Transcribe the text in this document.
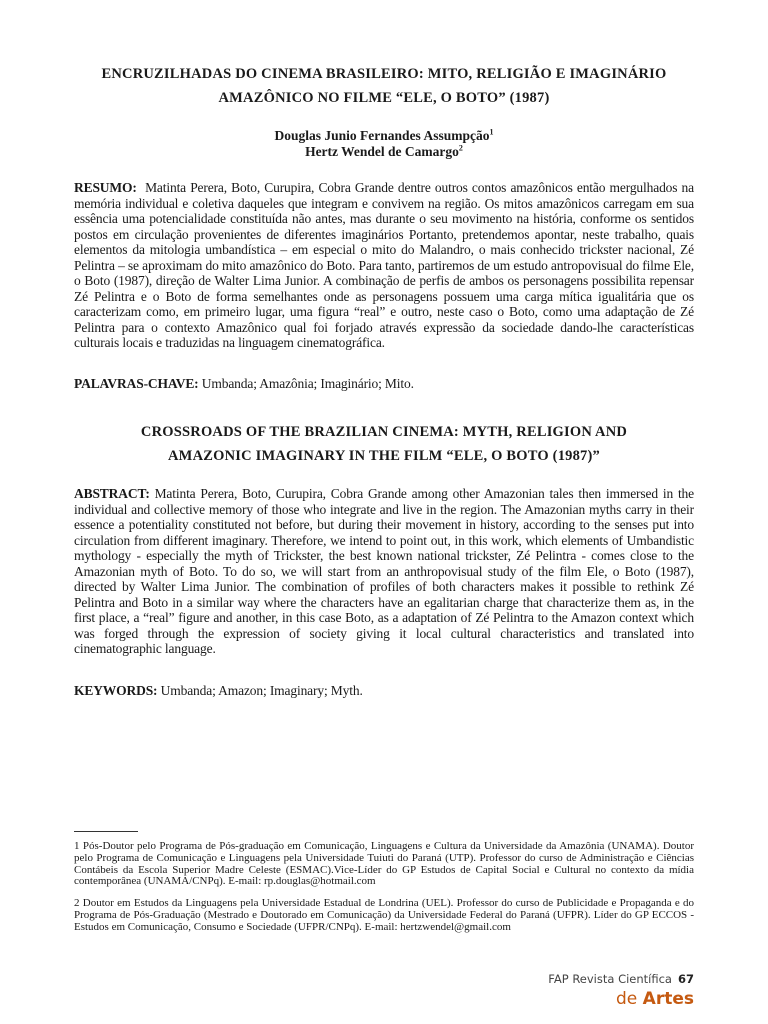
ENCRUZILHADAS DO CINEMA BRASILEIRO: MITO, RELIGIÃO E IMAGINÁRIO
AMAZÔNICO NO FILME “ELE, O BOTO” (1987)
Douglas Junio Fernandes Assumpção$^1$
Hertz Wendel de Camargo$^2$
RESUMO: Matinta Perera, Boto, Curupira, Cobra Grande dentre outros contos amazônicos então mergulhados na memória individual e coletiva daqueles que integram e convivem na região. Os mitos amazônicos carregam em sua essência uma potencialidade constituída não antes, mas durante o seu movimento na história, conforme os sentidos postos em circulação provenientes de diferentes imaginários Portanto, pretendemos apontar, neste trabalho, quais elementos da mitologia umbandística – em especial o mito do Malandro, o mais conhecido trickster nacional, Zé Pelintra – se aproximam do mito amazônico do Boto. Para tanto, partiremos de um estudo antropovisual do filme Ele, o Boto (1987), direção de Walter Lima Junior. A combinação de perfis de ambos os personagens possibilita repensar Zé Pelintra e o Boto de forma semelhantes onde as personagens possuem uma carga mítica igualitária que os caracterizam como, em primeiro lugar, uma figura “real” e outro, neste caso o Boto, como uma adaptação de Zé Pelintra para o contexto Amazônico qual foi forjado através expressão da sociedade dando-lhe características culturais locais e traduzidas na linguagem cinematográfica.
PALAVRAS-CHAVE: Umbanda; Amazônia; Imaginário; Mito.
CROSSROADS OF THE BRAZILIAN CINEMA: MYTH, RELIGION AND
AMAZONIC IMAGINARY IN THE FILM “ELE, O BOTO (1987)”
ABSTRACT: Matinta Perera, Boto, Curupira, Cobra Grande among other Amazonian tales then immersed in the individual and collective memory of those who integrate and live in the region. The Amazonian myths carry in their essence a potentiality constituted not before, but during their movement in history, according to the senses put into circulation from different imaginary. Therefore, we intend to point out, in this work, which elements of Umbandistic mythology - especially the myth of Trickster, the best known national trickster, Zé Pelintra - comes close to the Amazonian myth of Boto. To do so, we will start from an anthropovisual study of the film Ele, o Boto (1987), directed by Walter Lima Junior. The combination of profiles of both characters makes it possible to rethink Zé Pelintra and Boto in a similar way where the characters have an egalitarian charge that characterize them as, in the first place, a “real” figure and another, in this case Boto, as a adaptation of Zé Pelintra to the Amazon context which was forged through the expression of society giving it local cultural characteristics and translated into cinematographic language.
KEYWORDS: Umbanda; Amazon; Imaginary; Myth.
1 Pós-Doutor pelo Programa de Pós-graduação em Comunicação, Linguagens e Cultura da Universidade da Amazônia (UNAMA). Doutor pelo Programa de Comunicação e Linguagens pela Universidade Tuiuti do Paraná (UTP). Professor do curso de Administração e Ciências Contábeis da Escola Superior Madre Celeste (ESMAC).Vice-Líder do GP Estudos de Capital Social e Cultural no contexto da mídia contemporânea (UNAMA/CNPq). E-mail: rp.douglas@hotmail.com
2 Doutor em Estudos da Linguagens pela Universidade Estadual de Londrina (UEL). Professor do curso de Publicidade e Propaganda e do Programa de Pós-Graduação (Mestrado e Doutorado em Comunicação) da Universidade Federal do Paraná (UFPR). Líder do GP ECCOS - Estudos em Comunicação, Consumo e Sociedade (UFPR/CNPq). E-mail: hertzwendel@gmail.com
FAP Revista Científica 67
de Artes
